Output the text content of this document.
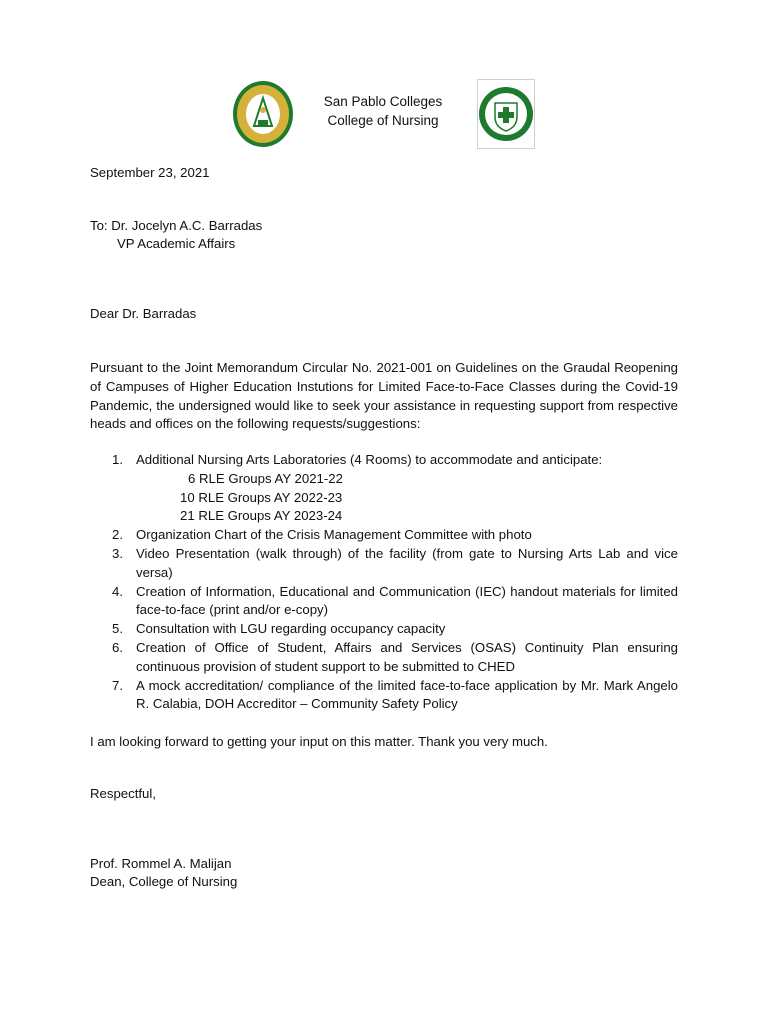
San Pablo Colleges
College of Nursing
September 23, 2021
To: Dr. Jocelyn A.C. Barradas
VP Academic Affairs
Dear Dr. Barradas
Pursuant to the Joint Memorandum Circular No. 2021-001 on Guidelines on the Graudal Reopening of Campuses of Higher Education Instutions for Limited Face-to-Face Classes during the Covid-19 Pandemic, the undersigned would like to seek your assistance in requesting support from respective heads and offices on the following requests/suggestions:
1. Additional Nursing Arts Laboratories (4 Rooms) to accommodate and anticipate:
6 RLE Groups AY 2021-22
10 RLE Groups AY 2022-23
21 RLE Groups AY 2023-24
2. Organization Chart of the Crisis Management Committee with photo
3. Video Presentation (walk through) of the facility (from gate to Nursing Arts Lab and vice versa)
4. Creation of Information, Educational and Communication (IEC) handout materials for limited face-to-face (print and/or e-copy)
5. Consultation with LGU regarding occupancy capacity
6. Creation of Office of Student, Affairs and Services (OSAS) Continuity Plan ensuring continuous provision of student support to be submitted to CHED
7. A mock accreditation/ compliance of the limited face-to-face application by Mr. Mark Angelo R. Calabia, DOH Accreditor – Community Safety Policy
I am looking forward to getting your input on this matter. Thank you very much.
Respectful,
Prof. Rommel A. Malijan
Dean, College of Nursing
